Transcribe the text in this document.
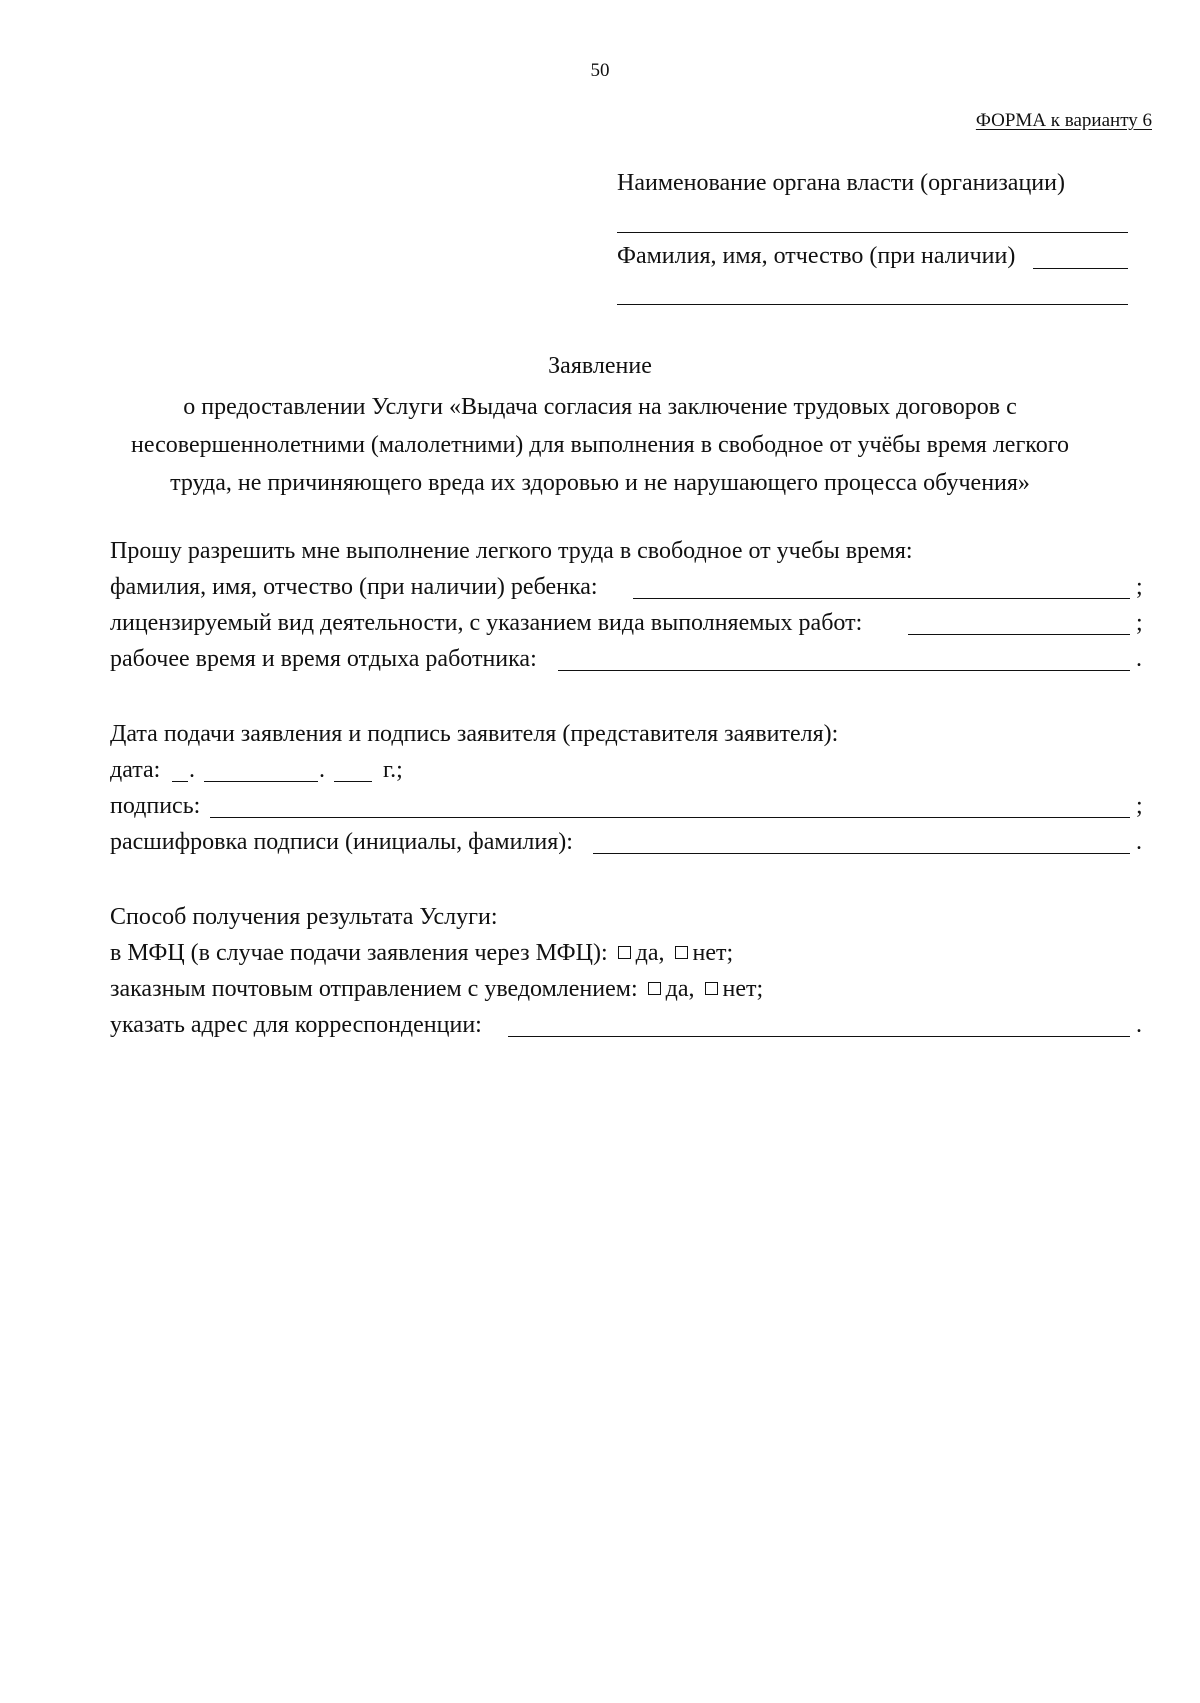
50
ФОРМА к варианту 6
Наименование органа власти (организации)
Фамилия, имя, отчество (при наличии)
Заявление
о предоставлении Услуги «Выдача согласия на заключение трудовых договоров с несовершеннолетними (малолетними) для выполнения в свободное от учёбы время легкого труда, не причиняющего вреда их здоровью и не нарушающего процесса обучения»
Прошу разрешить мне выполнение легкого труда в свободное от учебы время:
фамилия, имя, отчество (при наличии) ребенка:	;
лицензируемый вид деятельности, с указанием вида выполняемых работ:	;
рабочее время и время отдыха работника:	.
Дата подачи заявления и подпись заявителя (представителя заявителя):
дата: .	. г.;
подпись:	;
расшифровка подписи (инициалы, фамилия):	.
Способ получения результата Услуги:
в МФЦ (в случае подачи заявления через МФЦ): да, нет;
заказным почтовым отправлением с уведомлением: да, нет;
указать адрес для корреспонденции:	.
